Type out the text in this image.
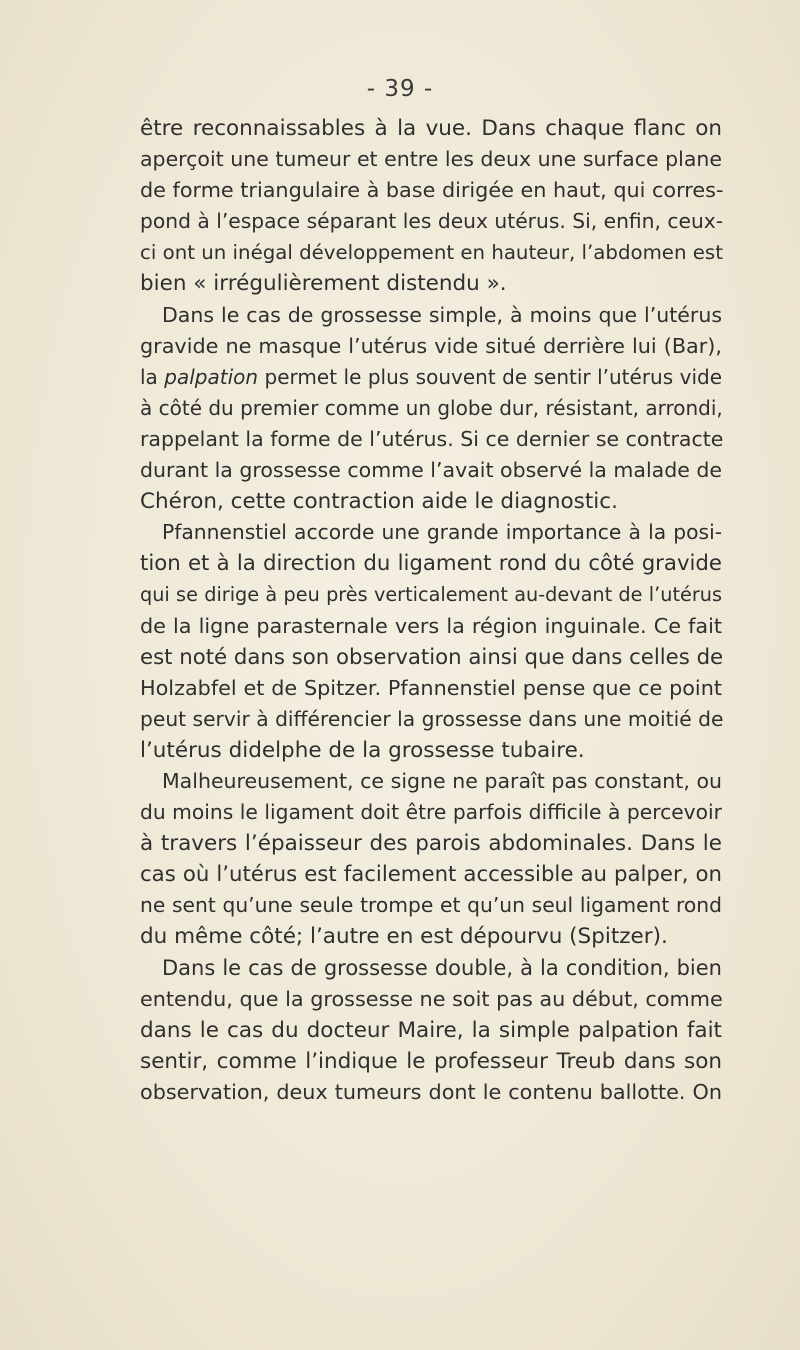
- 39 -
être reconnaissables à la vue. Dans chaque flanc on
aperçoit une tumeur et entre les deux une surface plane
de forme triangulaire à base dirigée en haut, qui corres-
pond à l’espace séparant les deux utérus. Si, enfin, ceux-
ci ont un inégal développement en hauteur, l’abdomen est
bien « irrégulièrement distendu ».
Dans le cas de grossesse simple, à moins que l’utérus
gravide ne masque l’utérus vide situé derrière lui (Bar),
la palpation permet le plus souvent de sentir l’utérus vide
à côté du premier comme un globe dur, résistant, arrondi,
rappelant la forme de l’utérus. Si ce dernier se contracte
durant la grossesse comme l’avait observé la malade de
Chéron, cette contraction aide le diagnostic.
Pfannenstiel accorde une grande importance à la posi-
tion et à la direction du ligament rond du côté gravide
qui se dirige à peu près verticalement au-devant de l’utérus
de la ligne parasternale vers la région inguinale. Ce fait
est noté dans son observation ainsi que dans celles de
Holzabfel et de Spitzer. Pfannenstiel pense que ce point
peut servir à différencier la grossesse dans une moitié de
l’utérus didelphe de la grossesse tubaire.
Malheureusement, ce signe ne paraît pas constant, ou
du moins le ligament doit être parfois difficile à percevoir
à travers l’épaisseur des parois abdominales. Dans le
cas où l’utérus est facilement accessible au palper, on
ne sent qu’une seule trompe et qu’un seul ligament rond
du même côté; l’autre en est dépourvu (Spitzer).
Dans le cas de grossesse double, à la condition, bien
entendu, que la grossesse ne soit pas au début, comme
dans le cas du docteur Maire, la simple palpation fait
sentir, comme l’indique le professeur Treub dans son
observation, deux tumeurs dont le contenu ballotte. On
